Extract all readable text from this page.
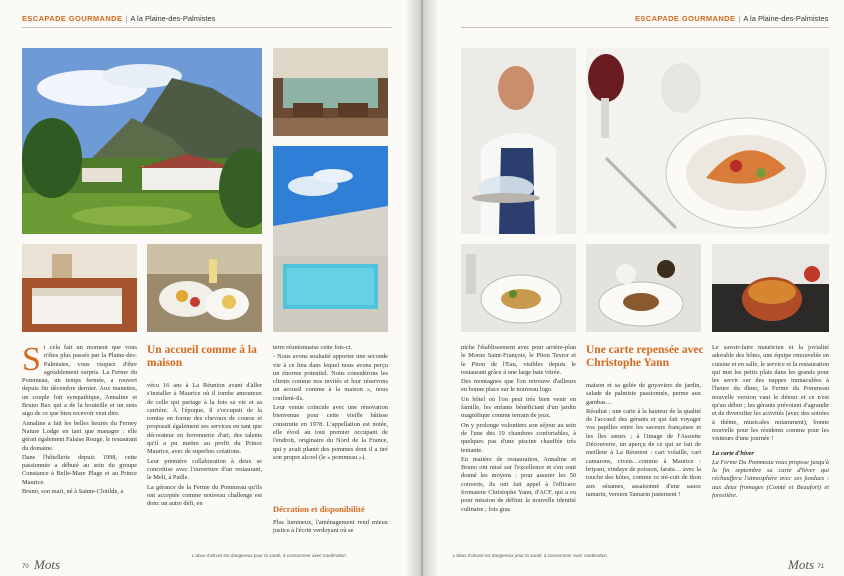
ESCAPADE GOURMANDE | A la Plaine-des-Palmistes

Si cela fait un moment que vous n'êtes plus passés par la Plaine-des-Palmistes, vous risquez d'être agréablement surpris. La Ferme du Pommeau, un temps fermée, a rouvert depuis fin décembre dernier. Aux manettes, un couple fort sympathique, Annaline et Bruno Bax qui a de la bouteille et un sens aigu de ce que bien recevoir veut dire.

Annaline a fait les belles heures du Ferney Nature Lodge en tant que manager : elle gérait également Falaise Rouge, le restaurant du domaine.

Dans l'hôtellerie depuis 1998, cette passionnée a débuté au sein du groupe Constance à Belle-Mare Plage et au Prince Maurice.

Bruno, son mari, né à Sainte-Clotilde, a

Un accueil comme à la maison

vécu 16 ans à La Réunion avant d'aller s'installer à Maurice où il tombe amoureux de celle qui partage à la fois sa vie et sa carrière. À l'époque, il s'occupait de la remise en forme des chevaux de course et proposait également ses services en tant que décorateur en ferronnerie d'art, des talents qu'il a pu mettre au profit du Prince Maurice, avec de superbes créations.

Leur première collaboration à deux se concrétise avec l'ouverture d'un restaurant, le Meli, à Paille.

La gérance de la Ferme du Pommeau qu'ils ont acceptée comme nouveau challenge est donc un autre défi, en

terre réunionnaise cette fois-ci.

- Nous avons souhaité apporter une seconde vie à ce lieu dans lequel nous avons perçu un énorme potentiel. Nous considérons les clients comme nos invités et leur réservons un accueil comme à la maison », nous confient-ils.

Leur venue coïncide avec une rénovation bienvenue pour cette vieille bâtisse construite en 1978. L'appellation est notée, elle évoil au tout premier occupant de l'endroit, originaire du Nord de la France, qui y avait planté des pommes dont il a tiré son propre alcool (le « pommeau »).

Décration et disponibilité

Plus lumineux, l'aménagement rend mieux justice à l'écrin verdoyant où se

L'abus d'alcool est dangereux pour la santé, à consommer avec modération
70 Mots
ESCAPADE GOURMANDE | A la Plaine-des-Palmistes

niche l'établissement avec pour arrière-plan le Morne Saint-François, le Piton Textor et le Piton de l'Eau, visibles depuis le restaurant grâce à une large baie vitrée.

Des montagnes que l'on retrouve d'ailleurs en bonne place sur le nouveau logo.

Un hôtel où l'on peut très bien venir en famille, les enfants bénéficiant d'un jardin magnifique comme terrain de jeux.

On y prolonge volontiers son séjour au sein de l'une des 19 chambres confortables, à quelques pas d'une piscine chauffée très tentante.

En matière de restauration, Annaline et Bruno ont misé sur l'excellence et s'en sont donné les moyens : pour assurer les 50 couverts, ils ont fait appel à l'efficace formateur Christophe Yann, d'ACF, qui a eu pour mission de définir la nouvelle identité culinaire ; fois gras

Une carte repensée avec Christophe Yann

maison et sa gelée de goyaviers du jardin, salade de palmiste passionnée, perme aux gambas…

Résultat : une carte à la hauteur de la qualité de l'accueil des gérants et qui fait voyager vos papilles entre les saveurs françaises et les îles sœurs ; à l'image de l'Assiette Découverte, un aperçu de ce qui se fait de meilleur à La Réunion : cari volaille, cari camarons, civets…comme à Maurice : briyani, vindaye de poisson, farata… avec la touche des hôtes, comme ce mi-cuit de thon aux sésames, assaisonné d'une sauce tamarin, version Tamarin justement !

Le savoir-faire mauricien et la jovialité adorable des hôtes, une équipe renouvelée en cuisine et en salle, le service et la restauration qui met les petits plats dans les grands pour les servir sur des nappes immaculées à l'heure du dîner, la Ferme du Pommeau nouvelle version vaut le détour et ce n'est qu'un début ; les gérants prévoient d'agrandir et de diversifier les activités (avec des soirées à thème, musicales notamment), bonne nouvelle pour les résidents comme pour les visiteurs d'une journée !

La carte d'hiver

La Ferme Du Pommeau vous propose jusqu'à la fin septembre sa carte d'hiver qui réchauffera l'atmosphère avec ses fondues : aux deux fromages (Comté et Beaufort) et forestière.

L'abus d'alcool est dangereux pour la santé, à consommer avec modération
71
Mots
